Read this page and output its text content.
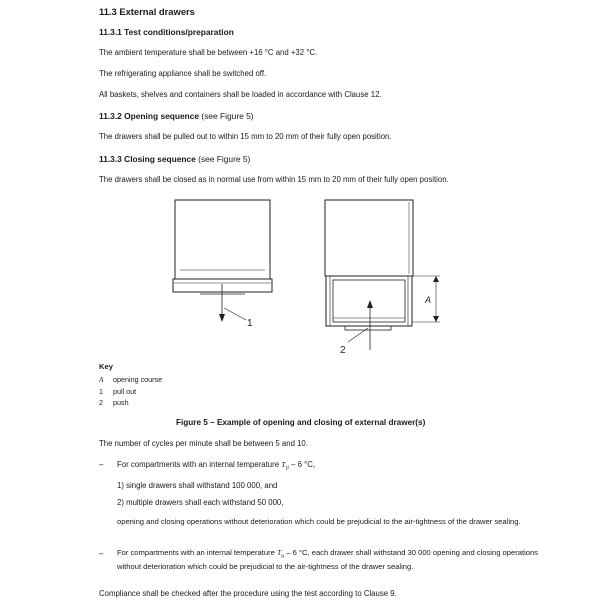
11.3 External drawers
11.3.1 Test conditions/preparation
The ambient temperature shall be between +16 °C and +32 °C.
The refrigerating appliance shall be switched off.
All baskets, shelves and containers shall be loaded in accordance with Clause 12.
11.3.2 Opening sequence (see Figure 5)
The drawers shall be pulled out to within 15 mm to 20 mm of their fully open position.
11.3.3 Closing sequence (see Figure 5)
The drawers shall be closed as in normal use from within 15 mm to 20 mm of their fully open position.
1
2
A
Key
A opening course
1 pull out
2 push
Figure 5 – Example of opening and closing of external drawer(s)
The number of cycles per minute shall be between 5 and 10.
– For compartments with an internal temperature $T_{ti} - 6$ °C,
1) single drawers shall withstand 100 000, and
2) multiple drawers shall each withstand 50 000,
opening and closing operations without deterioration which could be prejudicial to the air-tightness of the drawer sealing.
– For compartments with an internal temperature $T_u - 6$ °C, each drawer shall withstand 30 000 opening and closing operations without deterioration which could be prejudicial to the air-tightness of the drawer sealing.
Compliance shall be checked after the procedure using the test according to Clause 9.
